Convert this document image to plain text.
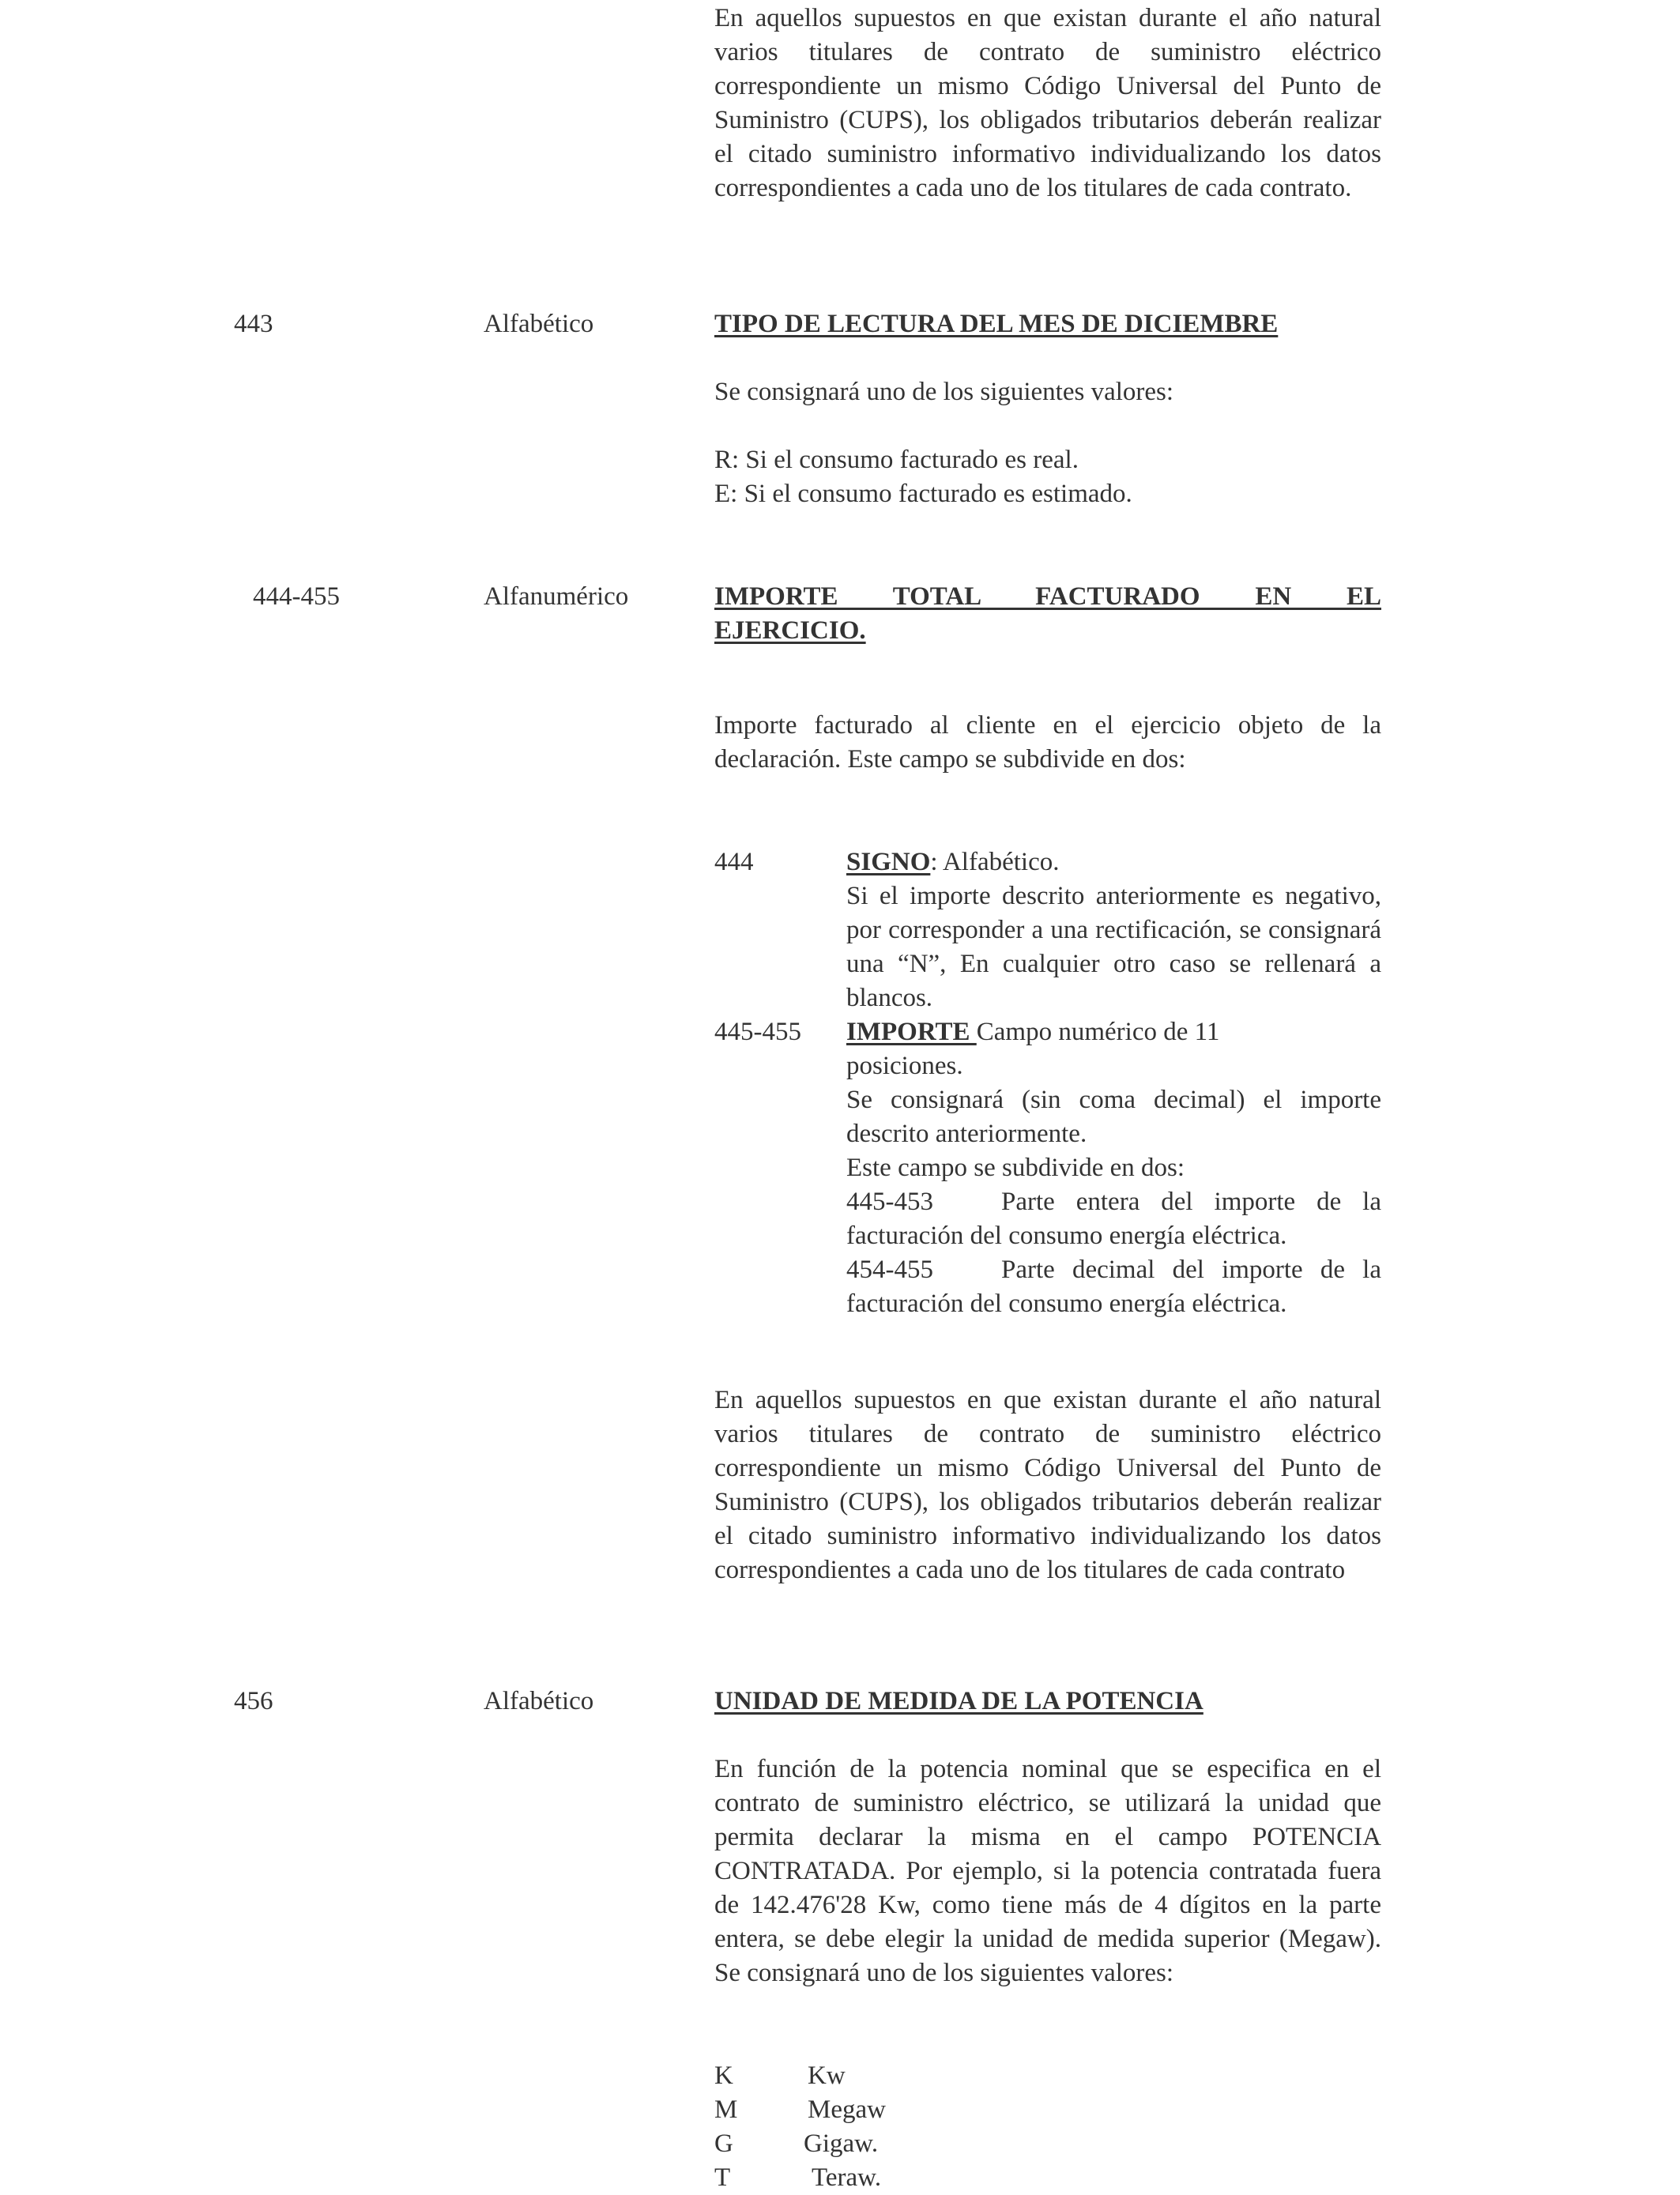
En aquellos supuestos en que existan durante el año natural varios titulares de contrato de suministro eléctrico correspondiente un mismo Código Universal del Punto de Suministro (CUPS), los obligados tributarios deberán realizar el citado suministro informativo individualizando los datos correspondientes a cada uno de los titulares de cada contrato.
443	Alfabético	TIPO DE LECTURA DEL MES DE DICIEMBRE
Se consignará uno de los siguientes valores:
R: Si el consumo facturado es real.
E: Si el consumo facturado es estimado.
444-455	Alfanumérico	IMPORTE TOTAL FACTURADO EN EL
EJERCICIO.
Importe facturado al cliente en el ejercicio objeto de la declaración. Este campo se subdivide en dos:
444	SIGNO: Alfabético.
Si el importe descrito anteriormente es negativo, por corresponder a una rectificación, se consignará una “N”, En cualquier otro caso se rellenará a blancos.
445-455 IMPORTE Campo numérico de 11 posiciones.
Se consignará (sin coma decimal) el importe descrito anteriormente.
Este campo se subdivide en dos:
445-453	Parte entera del importe de la facturación del consumo energía eléctrica.
454-455	Parte decimal del importe de la facturación del consumo energía eléctrica.
En aquellos supuestos en que existan durante el año natural varios titulares de contrato de suministro eléctrico correspondiente un mismo Código Universal del Punto de Suministro (CUPS), los obligados tributarios deberán realizar el citado suministro informativo individualizando los datos correspondientes a cada uno de los titulares de cada contrato
456	Alfabético	UNIDAD DE MEDIDA DE LA POTENCIA
En función de la potencia nominal que se especifica en el contrato de suministro eléctrico, se utilizará la unidad que permita declarar la misma en el campo POTENCIA CONTRATADA. Por ejemplo, si la potencia contratada fuera de 142.476'28 Kw, como tiene más de 4 dígitos en la parte entera, se debe elegir la unidad de medida superior (Megaw). Se consignará uno de los siguientes valores:
K	Kw
M	Megaw
G	Gigaw.
T	Teraw.
